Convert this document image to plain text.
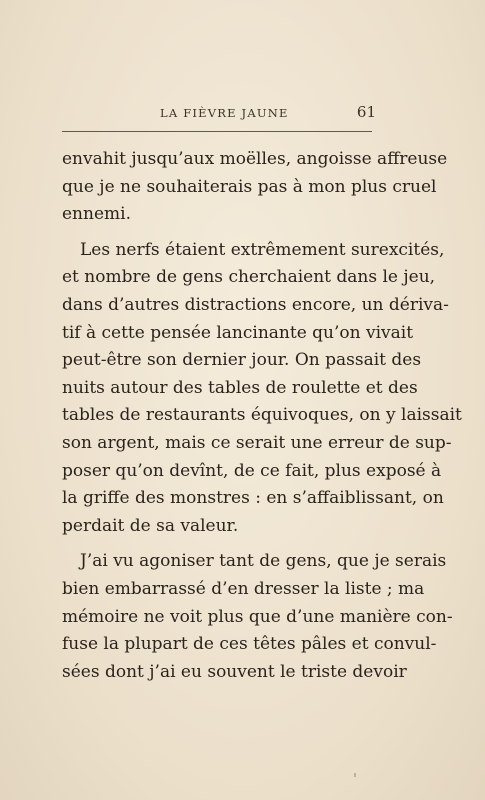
LA FIÈVRE JAUNE	61
envahit jusqu’aux moëlles, angoisse affreuse
que je ne souhaiterais pas à mon plus cruel
ennemi.
Les nerfs étaient extrêmement surexcités,
et nombre de gens cherchaient dans le jeu,
dans d’autres distractions encore, un dériva-
tif à cette pensée lancinante qu’on vivait
peut-être son dernier jour. On passait des
nuits autour des tables de roulette et des
tables de restaurants équivoques, on y laissait
son argent, mais ce serait une erreur de sup-
poser qu’on devînt, de ce fait, plus exposé à
la griffe des monstres : en s’affaiblissant, on
perdait de sa valeur.
J’ai vu agoniser tant de gens, que je serais
bien embarrassé d’en dresser la liste ; ma
mémoire ne voit plus que d’une manière con-
fuse la plupart de ces têtes pâles et convul-
sées dont j’ai eu souvent le triste devoir
